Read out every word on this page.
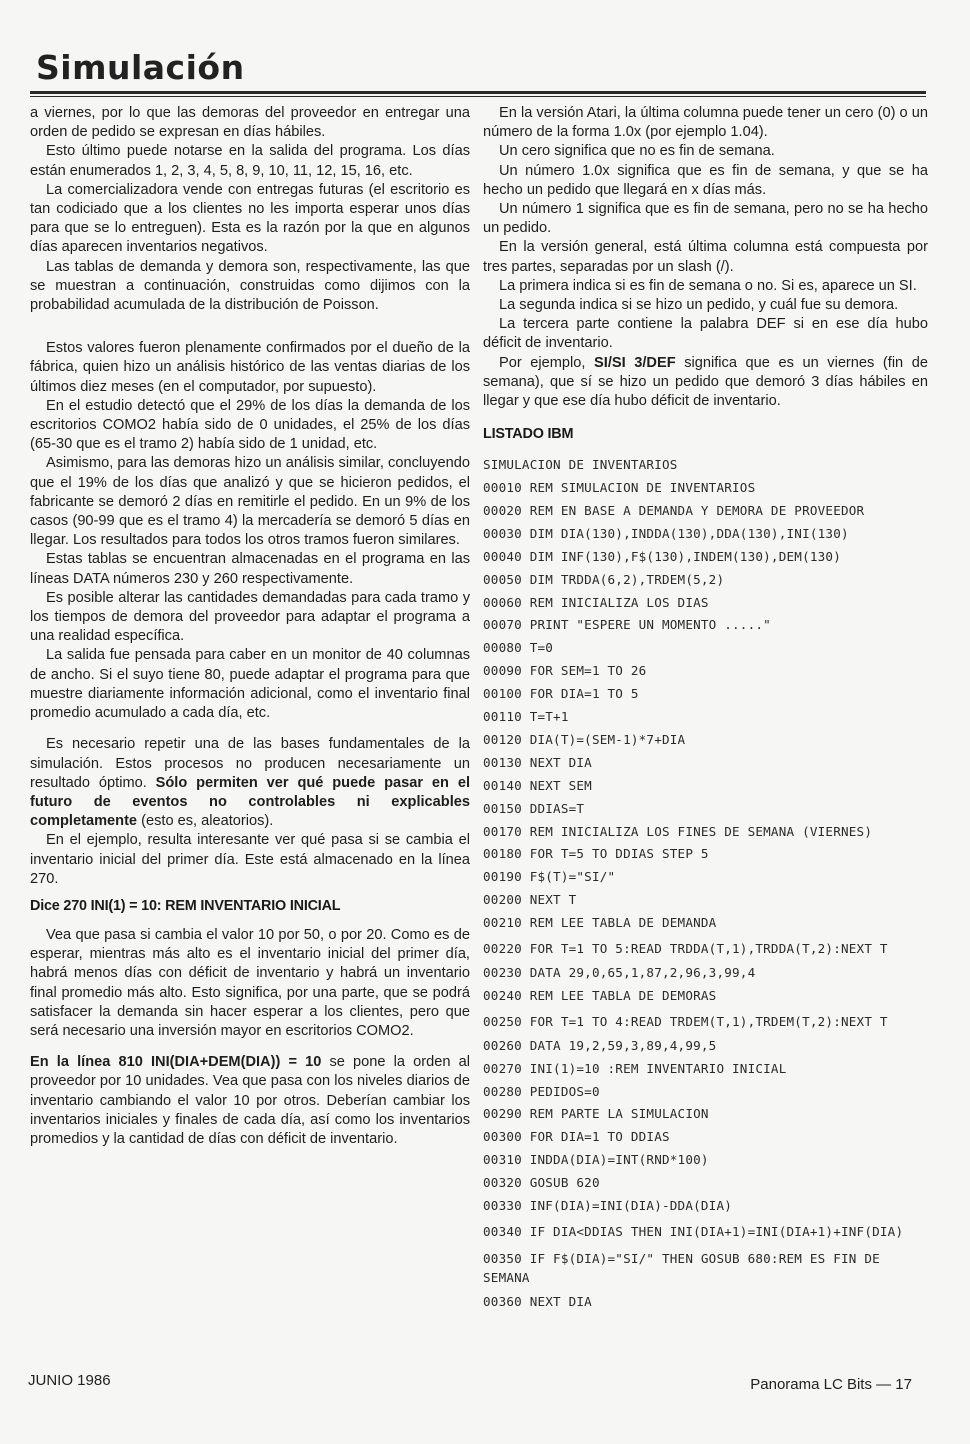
Simulación

a viernes, por lo que las demoras del proveedor en entregar una orden de pedido se expresan en días hábiles.

Esto último puede notarse en la salida del programa. Los días están enumerados 1, 2, 3, 4, 5, 8, 9, 10, 11, 12, 15, 16, etc.

La comercializadora vende con entregas futuras (el escritorio es tan codiciado que a los clientes no les importa esperar unos días para que se lo entreguen). Esta es la razón por la que en algunos días aparecen inventarios negativos.

Las tablas de demanda y demora son, respectivamente, las que se muestran a continuación, construidas como dijimos con la probabilidad acumulada de la distribución de Poisson.

Estos valores fueron plenamente confirmados por el dueño de la fábrica, quien hizo un análisis histórico de las ventas diarias de los últimos diez meses (en el computador, por supuesto).

En el estudio detectó que el 29% de los días la demanda de los escritorios COMO2 había sido de 0 unidades, el 25% de los días (65-30 que es el tramo 2) había sido de 1 unidad, etc.

Asimismo, para las demoras hizo un análisis similar, concluyendo que el 19% de los días que analizó y que se hicieron pedidos, el fabricante se demoró 2 días en remitirle el pedido. En un 9% de los casos (90-99 que es el tramo 4) la mercadería se demoró 5 días en llegar. Los resultados para todos los otros tramos fueron similares.

Estas tablas se encuentran almacenadas en el programa en las líneas DATA números 230 y 260 respectivamente.

Es posible alterar las cantidades demandadas para cada tramo y los tiempos de demora del proveedor para adaptar el programa a una realidad específica.

La salida fue pensada para caber en un monitor de 40 columnas de ancho. Si el suyo tiene 80, puede adaptar el programa para que muestre diariamente información adicional, como el inventario final promedio acumulado a cada día, etc.

Es necesario repetir una de las bases fundamentales de la simulación. Estos procesos no producen necesariamente un resultado óptimo. Sólo permiten ver qué puede pasar en el futuro de eventos no controlables ni explicables completamente (esto es, aleatorios).

En el ejemplo, resulta interesante ver qué pasa si se cambia el inventario inicial del primer día. Este está almacenado en la línea 270.

Dice 270 INI(1) = 10: REM INVENTARIO INICIAL

Vea que pasa si cambia el valor 10 por 50, o por 20. Como es de esperar, mientras más alto es el inventario inicial del primer día, habrá menos días con déficit de inventario y habrá un inventario final promedio más alto. Esto significa, por una parte, que se podrá satisfacer la demanda sin hacer esperar a los clientes, pero que será necesario una inversión mayor en escritorios COMO2.

En la línea 810 INI(DIA+DEM(DIA)) = 10 se pone la orden al proveedor por 10 unidades. Vea que pasa con los niveles diarios de inventario cambiando el valor 10 por otros. Deberían cambiar los inventarios iniciales y finales de cada día, así como los inventarios promedios y la cantidad de días con déficit de inventario.

En la versión Atari, la última columna puede tener un cero (0) o un número de la forma 1.0x (por ejemplo 1.04).

Un cero significa que no es fin de semana.

Un número 1.0x significa que es fin de semana, y que se ha hecho un pedido que llegará en x días más.

Un número 1 significa que es fin de semana, pero no se ha hecho un pedido.

En la versión general, está última columna está compuesta por tres partes, separadas por un slash (/).

La primera indica si es fin de semana o no. Si es, aparece un SI.

La segunda indica si se hizo un pedido, y cuál fue su demora.

La tercera parte contiene la palabra DEF si en ese día hubo déficit de inventario.

Por ejemplo, SI/SI 3/DEF significa que es un viernes (fin de semana), que sí se hizo un pedido que demoró 3 días hábiles en llegar y que ese día hubo déficit de inventario.

LISTADO IBM
SIMULACION DE INVENTARIOS
00010 REM SIMULACION DE INVENTARIOS
00020 REM EN BASE A DEMANDA Y DEMORA DE PROVEEDOR
00030 DIM DIA(130),INDDA(130),DDA(130),INI(130)
00040 DIM INF(130),F$(130),INDEM(130),DEM(130)
00050 DIM TRDDA(6,2),TRDEM(5,2)
00060 REM INICIALIZA LOS DIAS
00070 PRINT "ESPERE UN MOMENTO ....."
00080 T=0
00090 FOR SEM=1 TO 26
00100 FOR DIA=1 TO 5
00110 T=T+1
00120 DIA(T)=(SEM-1)*7+DIA
00130 NEXT DIA
00140 NEXT SEM
00150 DDIAS=T
00170 REM INICIALIZA LOS FINES DE SEMANA (VIERNES)
00180 FOR T=5 TO DDIAS STEP 5
00190 F$(T)="SI/"
00200 NEXT T
00210 REM LEE TABLA DE DEMANDA
00220 FOR T=1 TO 5:READ TRDDA(T,1),TRDDA(T,2):NEXT T
00230 DATA 29,0,65,1,87,2,96,3,99,4
00240 REM LEE TABLA DE DEMORAS
00250 FOR T=1 TO 4:READ TRDEM(T,1),TRDEM(T,2):NEXT T
00260 DATA 19,2,59,3,89,4,99,5
00270 INI(1)=10 :REM INVENTARIO INICIAL
00280 PEDIDOS=0
00290 REM PARTE LA SIMULACION
00300 FOR DIA=1 TO DDIAS
00310 INDDA(DIA)=INT(RND*100)
00320 GOSUB 620
00330 INF(DIA)=INI(DIA)-DDA(DIA)
00340 IF DIA<DDIAS THEN INI(DIA+1)=INI(DIA+1)+INF(DIA)
00350 IF F$(DIA)="SI/" THEN GOSUB 680:REM ES FIN DE SEMANA
00360 NEXT DIA
JUNIO 1986	Panorama LC Bits — 17
